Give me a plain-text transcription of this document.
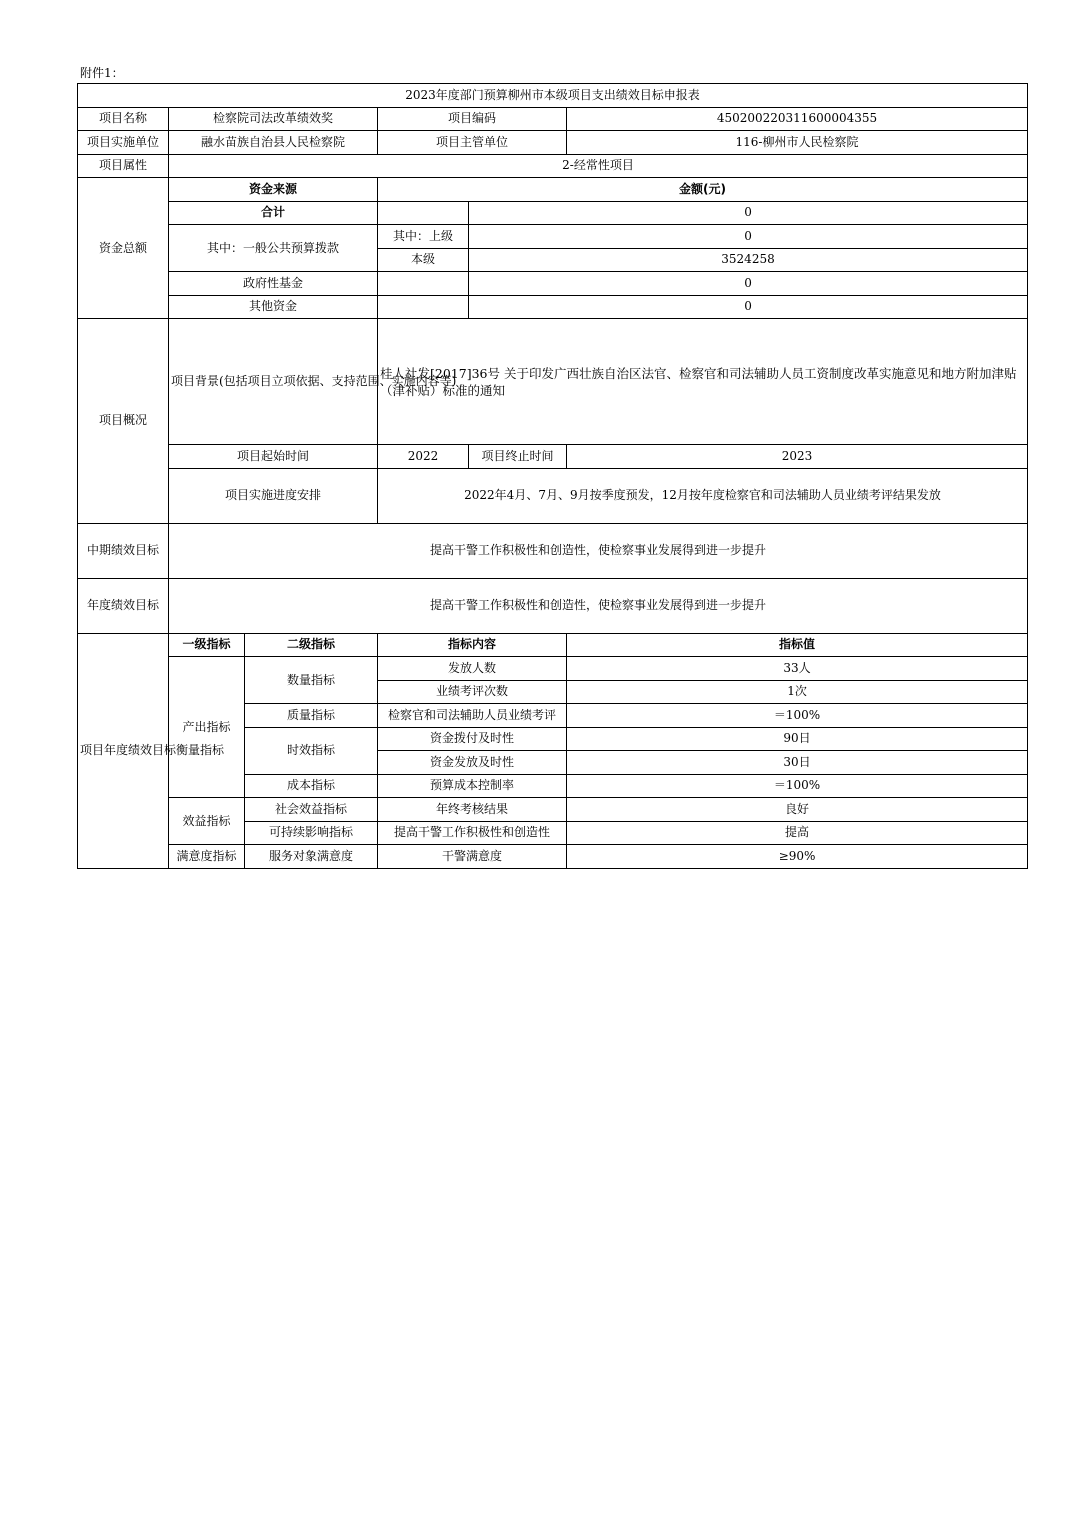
附件1：
2023年度部门预算柳州市本级项目支出绩效目标申报表					
项目名称	检察院司法改革绩效奖		项目编码		450200220311600004355
项目实施单位	融水苗族自治县人民检察院		项目主管单位		116-柳州市人民检察院
项目属性	2-经常性项目				
资金总额	资金来源		金额(元)		
	合计			0	
	其中：一般公共预算拨款		其中：上级	0	
			本级	3524258	
	政府性基金			0	
	其他资金			0	
项目概况	项目背景(包括项目立项依据、支持范围、实施内容等)		桂人社发[2017]36号 关于印发广西壮族自治区法官、检察官和司法辅助人员工资制度改革实施意见和地方附加津贴（津补贴）标准的通知		
	项目起始时间		2022	项目终止时间	2023
	项目实施进度安排		2022年4月、7月、9月按季度预发，12月按年度检察官和司法辅助人员业绩考评结果发放		
中期绩效目标	提高干警工作积极性和创造性，使检察事业发展得到进一步提升				
年度绩效目标	提高干警工作积极性和创造性，使检察事业发展得到进一步提升				
项目年度绩效目标衡量指标	一级指标	二级指标	指标内容		指标值
	产出指标	数量指标	发放人数		33人
			业绩考评次数		1次
		质量指标	检察官和司法辅助人员业绩考评		＝100%
		时效指标	资金拨付及时性		90日
			资金发放及时性		30日
		成本指标	预算成本控制率		＝100%
	效益指标	社会效益指标	年终考核结果		良好
		可持续影响指标	提高干警工作积极性和创造性		提高
	满意度指标	服务对象满意度	干警满意度		≥90%
